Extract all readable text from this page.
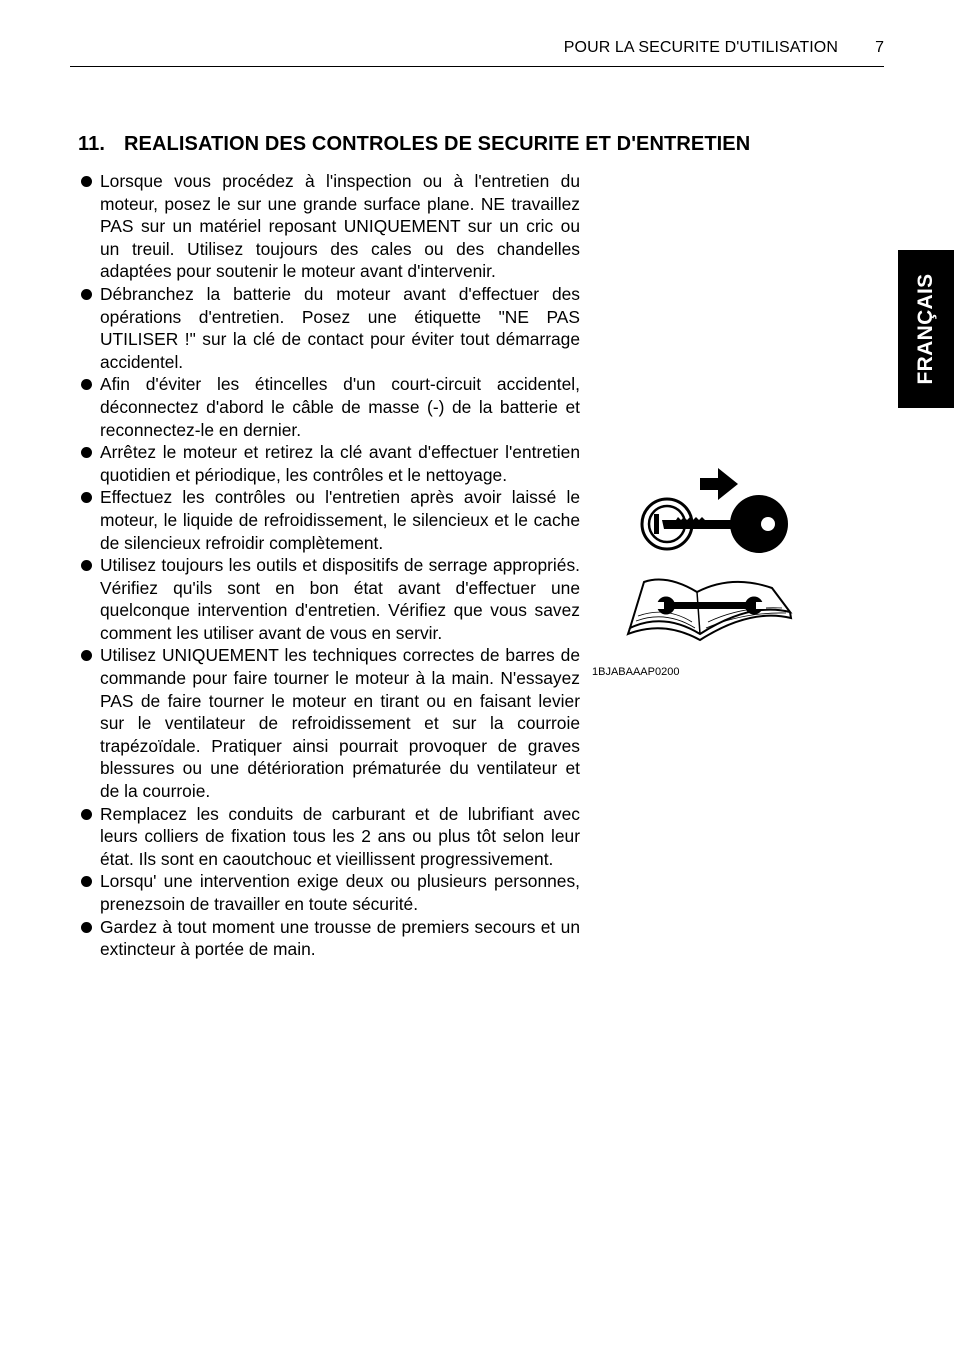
POUR LA SECURITE D'UTILISATION 7
FRANÇAIS
11. REALISATION DES CONTROLES DE SECURITE ET D'ENTRETIEN
Lorsque vous procédez à l'inspection ou à l'entretien du moteur, posez le sur une grande surface plane. NE travaillez PAS sur un matériel reposant UNIQUEMENT sur un cric ou un treuil. Utilisez toujours des cales ou des chandelles adaptées pour soutenir le moteur avant d'intervenir.
Débranchez la batterie du moteur avant d'effectuer des opérations d'entretien. Posez une étiquette "NE PAS UTILISER !" sur la clé de contact pour éviter tout démarrage accidentel.
Afin d'éviter les étincelles d'un court-circuit accidentel, déconnectez d'abord le câble de masse (-) de la batterie et reconnectez-le en dernier.
Arrêtez le moteur et retirez la clé avant d'effectuer l'entretien quotidien et périodique, les contrôles et le nettoyage.
Effectuez les contrôles ou l'entretien après avoir laissé le moteur, le liquide de refroidissement, le silencieux et le cache de silencieux refroidir complètement.
Utilisez toujours les outils et dispositifs de serrage appropriés. Vérifiez qu'ils sont en bon état avant d'effectuer une quelconque intervention d'entretien. Vérifiez que vous savez comment les utiliser avant de vous en servir.
Utilisez UNIQUEMENT les techniques correctes de barres de commande pour faire tourner le moteur à la main. N'essayez PAS de faire tourner le moteur en tirant ou en faisant levier sur le ventilateur de refroidissement et sur la courroie trapézoïdale. Pratiquer ainsi pourrait provoquer de graves blessures ou une détérioration prématurée du ventilateur et de la courroie.
Remplacez les conduits de carburant et de lubrifiant avec leurs colliers de fixation tous les 2 ans ou plus tôt selon leur état. Ils sont en caoutchouc et vieillissent progressivement.
Lorsqu' une intervention exige deux ou plusieurs personnes, prenezsoin de travailler en toute sécurité.
Gardez à tout moment une trousse de premiers secours et un extincteur à portée de main.
1BJABAAAP0200
